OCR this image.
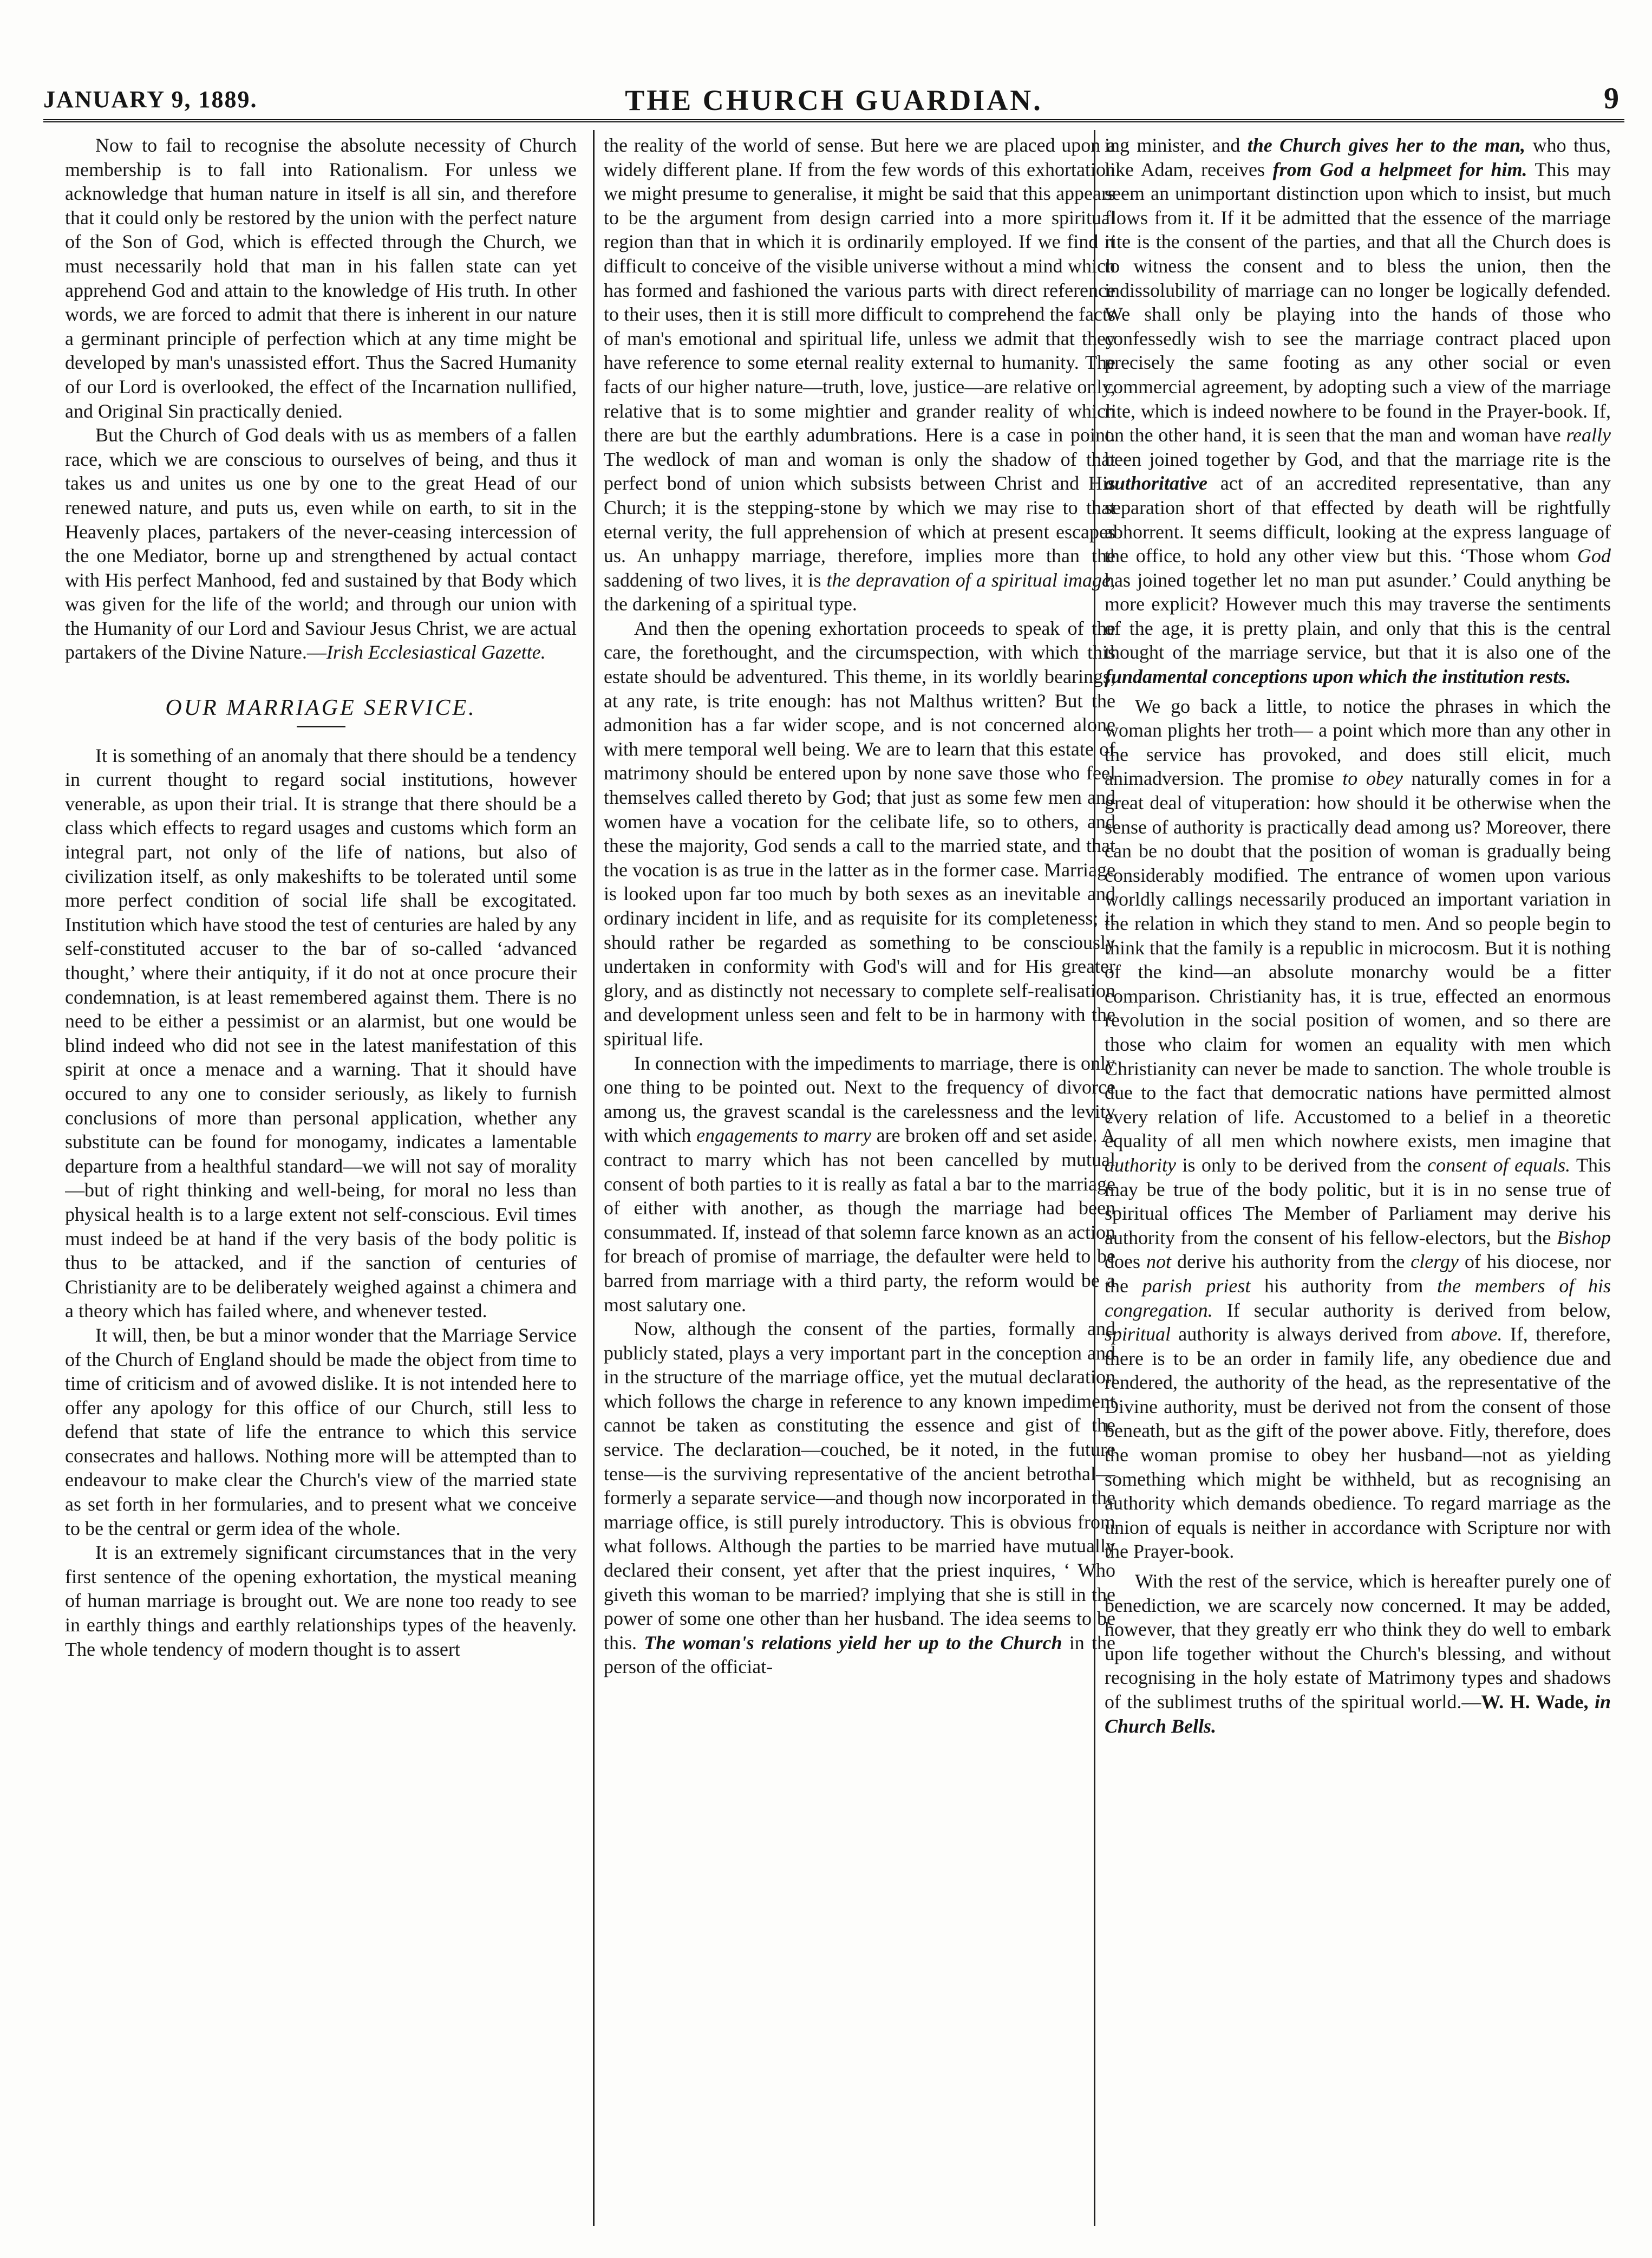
JANUARY 9, 1889.	THE CHURCH GUARDIAN.	9

Now to fail to recognise the absolute necessity of Church membership is to fall into Rationalism. For unless we acknowledge that human nature in itself is all sin, and therefore that it could only be restored by the union with the perfect nature of the Son of God, which is effected through the Church, we must necessarily hold that man in his fallen state can yet apprehend God and attain to the knowledge of His truth. In other words, we are forced to admit that there is inherent in our nature a germinant principle of perfection which at any time might be developed by man's unassisted effort. Thus the Sacred Humanity of our Lord is overlooked, the effect of the Incarnation nullified, and Original Sin practically denied.

But the Church of God deals with us as members of a fallen race, which we are conscious to ourselves of being, and thus it takes us and unites us one by one to the great Head of our renewed nature, and puts us, even while on earth, to sit in the Heavenly places, partakers of the never-ceasing intercession of the one Mediator, borne up and strengthened by actual contact with His perfect Manhood, fed and sustained by that Body which was given for the life of the world; and through our union with the Humanity of our Lord and Saviour Jesus Christ, we are actual partakers of the Divine Nature.—Irish Ecclesiastical Gazette.

OUR MARRIAGE SERVICE.

It is something of an anomaly that there should be a tendency in current thought to regard social institutions, however venerable, as upon their trial. It is strange that there should be a class which effects to regard usages and customs which form an integral part, not only of the life of nations, but also of civilization itself, as only makeshifts to be tolerated until some more perfect condition of social life shall be excogitated. Institution which have stood the test of centuries are haled by any self-constituted accuser to the bar of so-called ‘advanced thought,’ where their antiquity, if it do not at once procure their condemnation, is at least remembered against them. There is no need to be either a pessimist or an alarmist, but one would be blind indeed who did not see in the latest manifestation of this spirit at once a menace and a warning. That it should have occured to any one to consider seriously, as likely to furnish conclusions of more than personal application, whether any substitute can be found for monogamy, indicates a lamentable departure from a healthful standard—we will not say of morality—but of right thinking and well-being, for moral no less than physical health is to a large extent not self-conscious. Evil times must indeed be at hand if the very basis of the body politic is thus to be attacked, and if the sanction of centuries of Christianity are to be deliberately weighed against a chimera and a theory which has failed where, and whenever tested.

It will, then, be but a minor wonder that the Marriage Service of the Church of England should be made the object from time to time of criticism and of avowed dislike. It is not intended here to offer any apology for this office of our Church, still less to defend that state of life the entrance to which this service consecrates and hallows. Nothing more will be attempted than to endeavour to make clear the Church's view of the married state as set forth in her formularies, and to present what we conceive to be the central or germ idea of the whole.

It is an extremely significant circumstances that in the very first sentence of the opening exhortation, the mystical meaning of human marriage is brought out. We are none too ready to see in earthly things and earthly relationships types of the heavenly. The whole tendency of modern thought is to assert

the reality of the world of sense. But here we are placed upon a widely different plane. If from the few words of this exhortation we might presume to generalise, it might be said that this appears to be the argument from design carried into a more spiritual region than that in which it is ordinarily employed. If we find it difficult to conceive of the visible universe without a mind which has formed and fashioned the various parts with direct reference to their uses, then it is still more difficult to comprehend the facts of man's emotional and spiritual life, unless we admit that they have reference to some eternal reality external to humanity. The facts of our higher nature—truth, love, justice—are relative only, relative that is to some mightier and grander reality of which there are but the earthly adumbrations. Here is a case in point. The wedlock of man and woman is only the shadow of that perfect bond of union which subsists between Christ and His Church; it is the stepping-stone by which we may rise to that eternal verity, the full apprehension of which at present escapes us. An unhappy marriage, therefore, implies more than the saddening of two lives, it is the depravation of a spiritual image, the darkening of a spiritual type.

And then the opening exhortation proceeds to speak of the care, the forethought, and the circumspection, with which this estate should be adventured. This theme, in its worldly bearings, at any rate, is trite enough: has not Malthus written? But the admonition has a far wider scope, and is not concerned alone with mere temporal well being. We are to learn that this estate of matrimony should be entered upon by none save those who feel themselves called thereto by God; that just as some few men and women have a vocation for the celibate life, so to others, and these the majority, God sends a call to the married state, and that the vocation is as true in the latter as in the former case. Marriage is looked upon far too much by both sexes as an inevitable and ordinary incident in life, and as requisite for its completeness; it should rather be regarded as something to be consciously undertaken in conformity with God's will and for His greater glory, and as distinctly not necessary to complete self-realisation and development unless seen and felt to be in harmony with the spiritual life.

In connection with the impediments to marriage, there is only one thing to be pointed out. Next to the frequency of divorce among us, the gravest scandal is the carelessness and the levity with which engagements to marry are broken off and set aside. A contract to marry which has not been cancelled by mutual consent of both parties to it is really as fatal a bar to the marriage of either with another, as though the marriage had been consummated. If, instead of that solemn farce known as an action for breach of promise of marriage, the defaulter were held to be barred from marriage with a third party, the reform would be a most salutary one.

Now, although the consent of the parties, formally and publicly stated, plays a very important part in the conception and in the structure of the marriage office, yet the mutual declaration which follows the charge in reference to any known impediment cannot be taken as constituting the essence and gist of the service. The declaration—couched, be it noted, in the future tense—is the surviving representative of the ancient betrothal—formerly a separate service—and though now incorporated in the marriage office, is still purely introductory. This is obvious from what follows. Although the parties to be married have mutually declared their consent, yet after that the priest inquires, ‘ Who giveth this woman to be married? implying that she is still in the power of some one other than her husband. The idea seems to be this. The woman's relations yield her up to the Church in the person of the officiat-

ing minister, and the Church gives her to the man, who thus, like Adam, receives from God a helpmeet for him. This may seem an unimportant distinction upon which to insist, but much flows from it. If it be admitted that the essence of the marriage rite is the consent of the parties, and that all the Church does is to witness the consent and to bless the union, then the indissolubility of marriage can no longer be logically defended. We shall only be playing into the hands of those who confessedly wish to see the marriage contract placed upon precisely the same footing as any other social or even commercial agreement, by adopting such a view of the marriage rite, which is indeed nowhere to be found in the Prayer-book. If, on the other hand, it is seen that the man and woman have really been joined together by God, and that the marriage rite is the authoritative act of an accredited representative, than any separation short of that effected by death will be rightfully abhorrent. It seems difficult, looking at the express language of the office, to hold any other view but this. ‘Those whom God has joined together let no man put asunder.’ Could anything be more explicit? However much this may traverse the sentiments of the age, it is pretty plain, and only that this is the central thought of the marriage service, but that it is also one of the fundamental conceptions upon which the institution rests.

We go back a little, to notice the phrases in which the woman plights her troth— a point which more than any other in the service has provoked, and does still elicit, much animadversion. The promise to obey naturally comes in for a great deal of vituperation: how should it be otherwise when the sense of authority is practically dead among us? Moreover, there can be no doubt that the position of woman is gradually being considerably modified. The entrance of women upon various worldly callings necessarily produced an important variation in the relation in which they stand to men. And so people begin to think that the family is a republic in microcosm. But it is nothing of the kind—an absolute monarchy would be a fitter comparison. Christianity has, it is true, effected an enormous revolution in the social position of women, and so there are those who claim for women an equality with men which Christianity can never be made to sanction. The whole trouble is due to the fact that democratic nations have permitted almost every relation of life. Accustomed to a belief in a theoretic equality of all men which nowhere exists, men imagine that authority is only to be derived from the consent of equals. This may be true of the body politic, but it is in no sense true of spiritual offices The Member of Parliament may derive his authority from the consent of his fellow-electors, but the Bishop does not derive his authority from the clergy of his diocese, nor the parish priest his authority from the members of his congregation. If secular authority is derived from below, spiritual authority is always derived from above. If, therefore, there is to be an order in family life, any obedience due and rendered, the authority of the head, as the representative of the Divine authority, must be derived not from the consent of those beneath, but as the gift of the power above. Fitly, therefore, does the woman promise to obey her husband—not as yielding something which might be withheld, but as recognising an authority which demands obedience. To regard marriage as the union of equals is neither in accordance with Scripture nor with the Prayer-book.

With the rest of the service, which is hereafter purely one of benediction, we are scarcely now concerned. It may be added, however, that they greatly err who think they do well to embark upon life together without the Church's blessing, and without recognising in the holy estate of Matrimony types and shadows of the sublimest truths of the spiritual world.—W. H. Wade, in Church Bells.
